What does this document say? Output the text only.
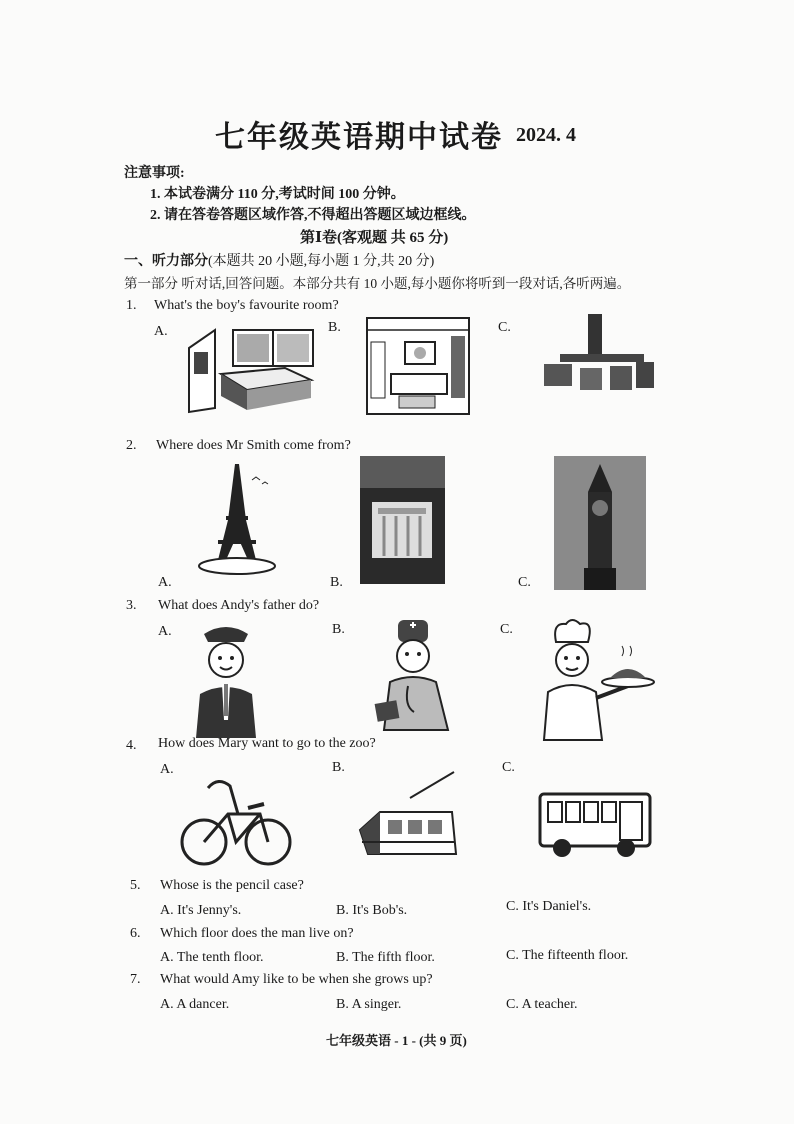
七年级英语期中试卷 2024. 4
注意事项:
1. 本试卷满分 110 分,考试时间 100 分钟。
2. 请在答卷答题区域作答,不得超出答题区域边框线。
第Ⅰ卷(客观题 共 65 分)
一、听力部分(本题共 20 小题,每小题 1 分,共 20 分)
第一部分 听对话,回答问题。本部分共有 10 小题,每小题你将听到一段对话,各听两遍。
1. What's the boy's favourite room?
A.	B.	C.
2. Where does Mr Smith come from?
A.	B.	C.
3. What does Andy's father do?
A.	B.	C.
4. How does Mary want to go to the zoo?
A.	B.	C.
5. Whose is the pencil case?
A. It's Jenny's.	B. It's Bob's.	C. It's Daniel's.
6. Which floor does the man live on?
A. The tenth floor.	B. The fifth floor.	C. The fifteenth floor.
7. What would Amy like to be when she grows up?
A. A dancer.	B. A singer.	C. A teacher.
七年级英语 - 1 - (共 9 页)
